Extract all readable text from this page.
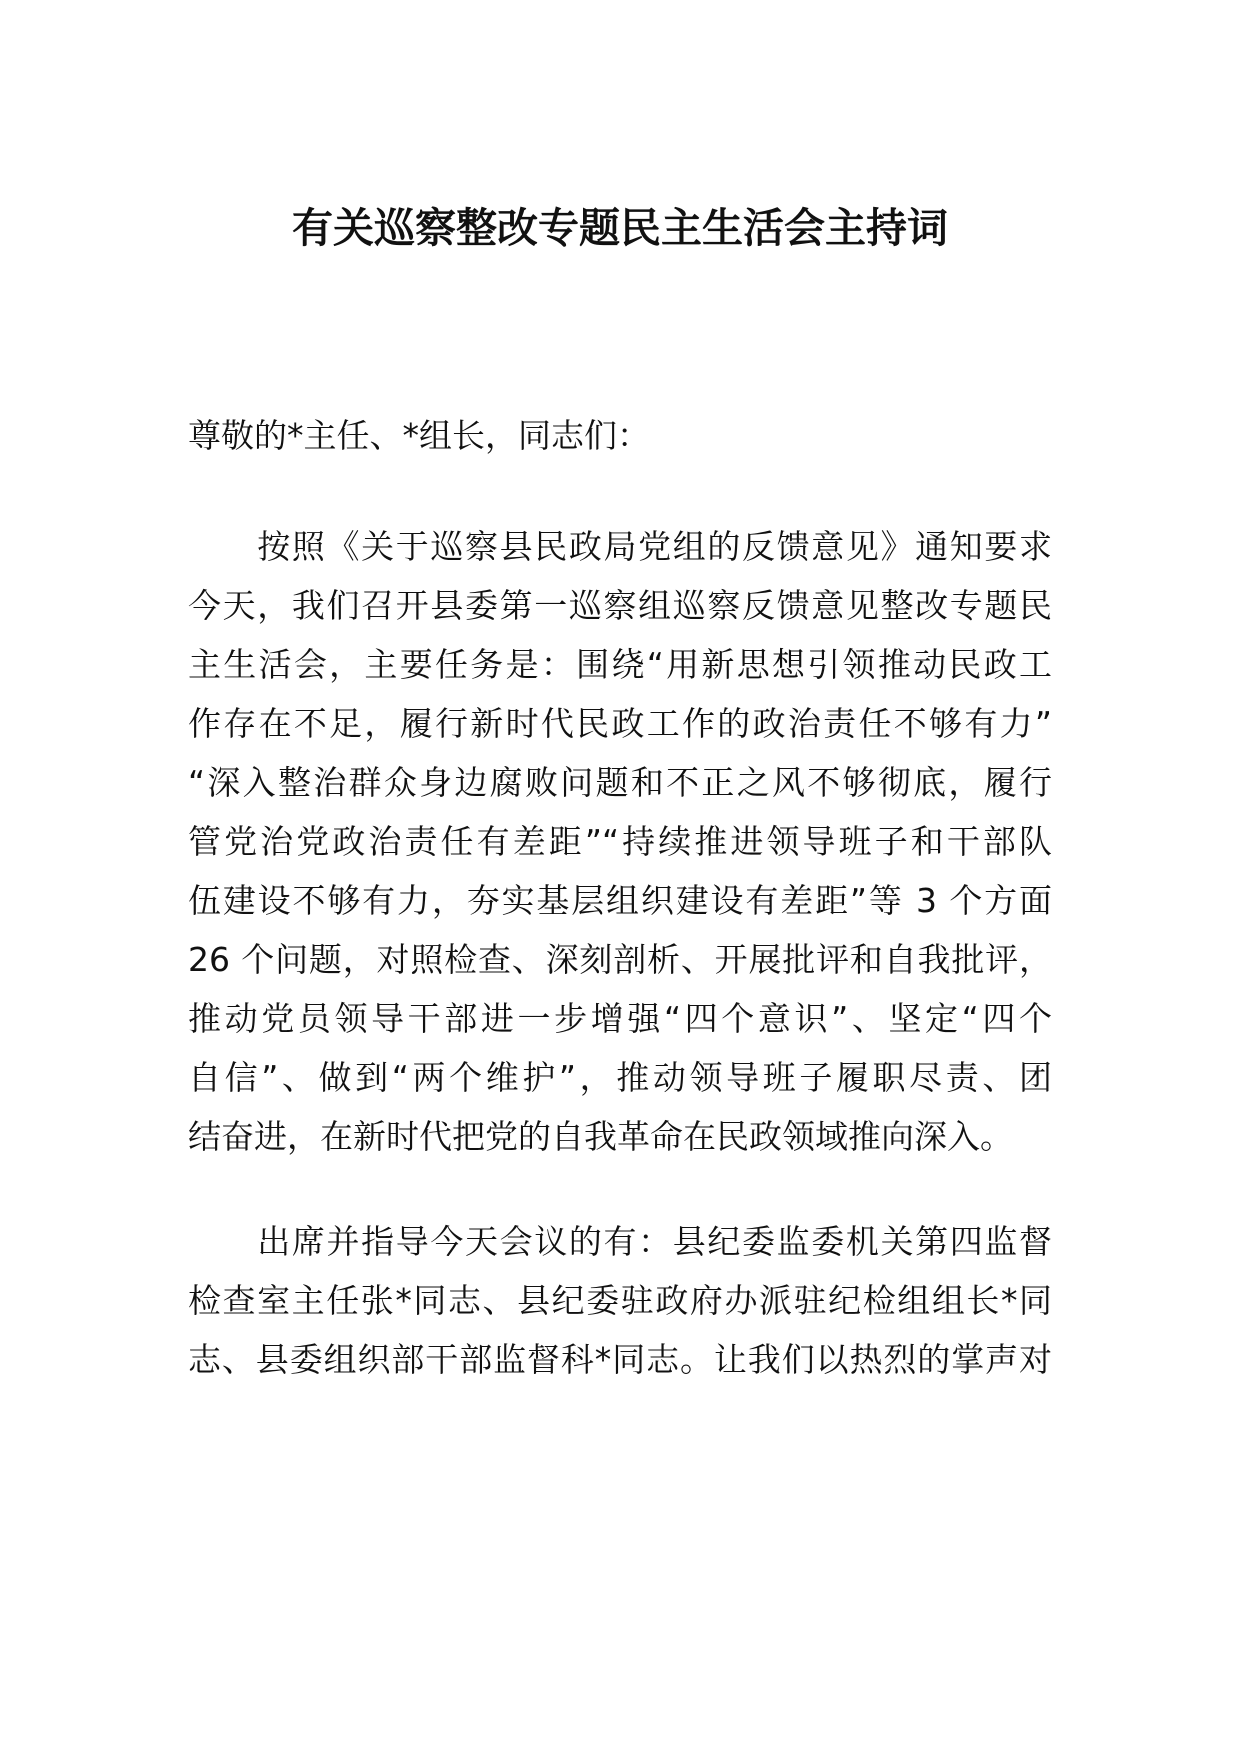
有关巡察整改专题民主生活会主持词
尊敬的*主任、*组长，同志们：
　　按照《关于巡察县民政局党组的反馈意见》通知要求
今天，我们召开县委第一巡察组巡察反馈意见整改专题民
主生活会，主要任务是：围绕“用新思想引领推动民政工
作存在不足，履行新时代民政工作的政治责任不够有力”
“深入整治群众身边腐败问题和不正之风不够彻底，履行
管党治党政治责任有差距”“持续推进领导班子和干部队
伍建设不够有力，夯实基层组织建设有差距”等 3 个方面
26 个问题，对照检查、深刻剖析、开展批评和自我批评，
推动党员领导干部进一步增强“四个意识”、坚定“四个
自信”、做到“两个维护”，推动领导班子履职尽责、团
结奋进，在新时代把党的自我革命在民政领域推向深入。
　　出席并指导今天会议的有：县纪委监委机关第四监督
检查室主任张*同志、县纪委驻政府办派驻纪检组组长*同
志、县委组织部干部监督科*同志。让我们以热烈的掌声对
